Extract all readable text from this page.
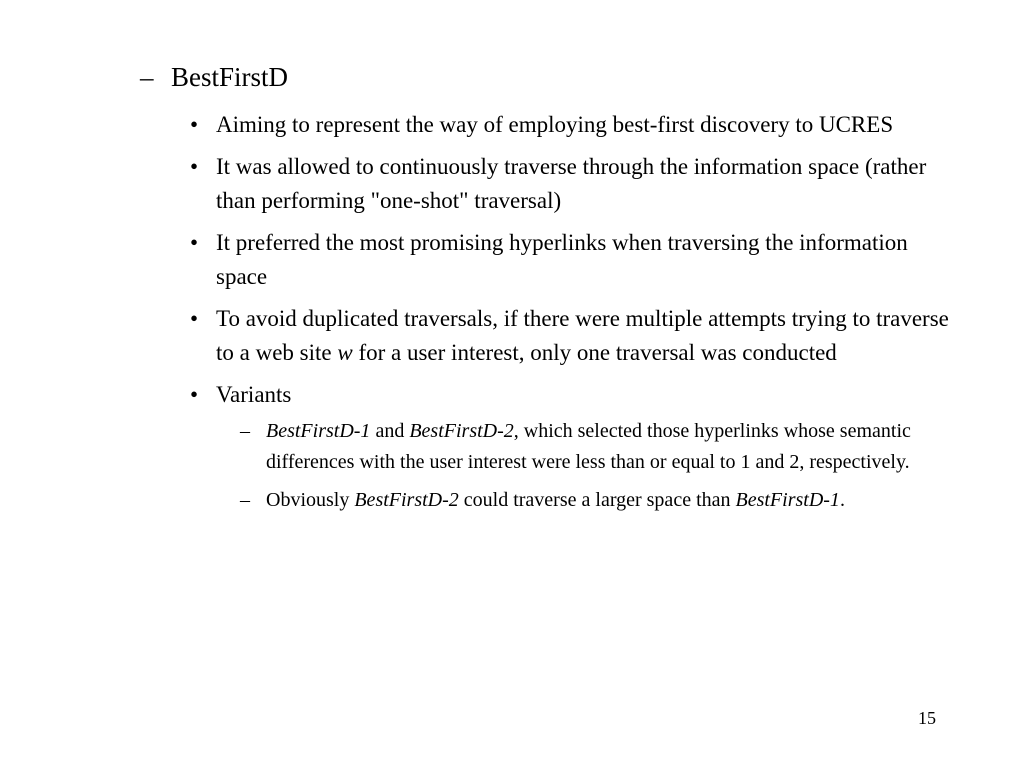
– BestFirstD
• Aiming to represent the way of employing best-first discovery to UCRES
• It was allowed to continuously traverse through the information space (rather than performing "one-shot" traversal)
• It preferred the most promising hyperlinks when traversing the information space
• To avoid duplicated traversals, if there were multiple attempts trying to traverse to a web site w for a user interest, only one traversal was conducted
• Variants
– BestFirstD-1 and BestFirstD-2, which selected those hyperlinks whose semantic differences with the user interest were less than or equal to 1 and 2, respectively.
– Obviously BestFirstD-2 could traverse a larger space than BestFirstD-1.
15
